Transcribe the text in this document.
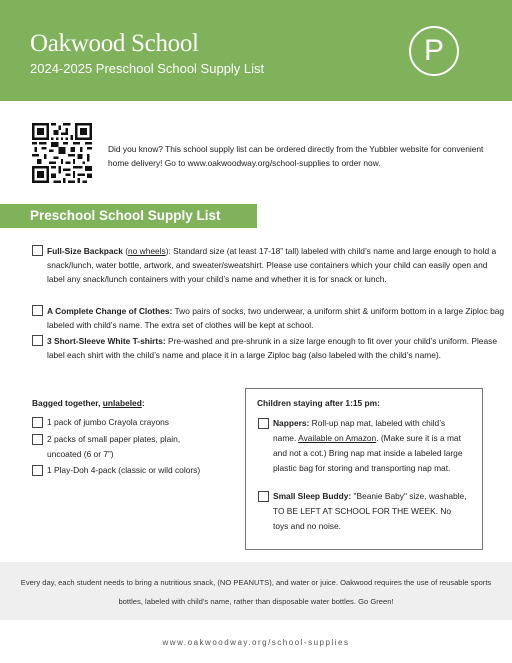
Oakwood School
2024-2025 Preschool School Supply List
P
Did you know? This school supply list can be ordered directly from the Yubbler website for convenient home delivery! Go to www.oakwoodway.org/school-supplies to order now.
Preschool School Supply List
Full-Size Backpack (no wheels): Standard size (at least 17-18” tall) labeled with child’s name and large enough to hold a snack/lunch, water bottle, artwork, and sweater/sweatshirt. Please use containers which your child can easily open and label any snack/lunch containers with your child’s name and whether it is for snack or lunch.
A Complete Change of Clothes: Two pairs of socks, two underwear, a uniform shirt & uniform bottom in a large Ziploc bag labeled with child’s name. The extra set of clothes will be kept at school.
3 Short-Sleeve White T-shirts: Pre-washed and pre-shrunk in a size large enough to fit over your child’s uniform. Please label each shirt with the child’s name and place it in a large Ziploc bag (also labeled with the child’s name).
Bagged together, unlabeled:
1 pack of jumbo Crayola crayons
2 packs of small paper plates, plain, uncoated (6 or 7”)
1 Play-Doh 4-pack (classic or wild colors)
Children staying after 1:15 pm:
Nappers: Roll-up nap mat, labeled with child’s name. Available on Amazon. (Make sure it is a mat and not a cot.) Bring nap mat inside a labeled large plastic bag for storing and transporting nap mat.
Small Sleep Buddy: "Beanie Baby" size, washable, TO BE LEFT AT SCHOOL FOR THE WEEK. No toys and no noise.
Every day, each student needs to bring a nutritious snack, (NO PEANUTS), and water or juice. Oakwood requires the use of reusable sports bottles, labeled with child’s name, rather than disposable water bottles. Go Green!
www.oakwoodway.org/school-supplies
